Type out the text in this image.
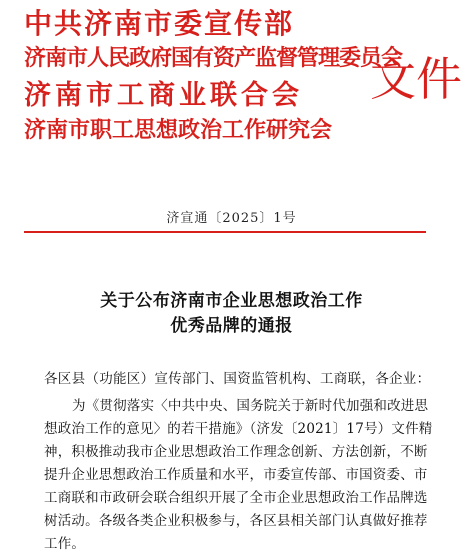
中共济南市委宣传部
济南市人民政府国有资产监督管理委员会
济南市工商业联合会
济南市职工思想政治工作研究会
文件
济宣通〔2025〕1号
关于公布济南市企业思想政治工作
优秀品牌的通报
各区县（功能区）宣传部门、国资监管机构、工商联，各企业：
为《贯彻落实〈中共中央、国务院关于新时代加强和改进思
想政治工作的意见〉的若干措施》（济发〔2021〕17号）文件精
神，积极推动我市企业思想政治工作理念创新、方法创新，不断
提升企业思想政治工作质量和水平，市委宣传部、市国资委、市
工商联和市政研会联合组织开展了全市企业思想政治工作品牌选
树活动。各级各类企业积极参与，各区县相关部门认真做好推荐
工作。
